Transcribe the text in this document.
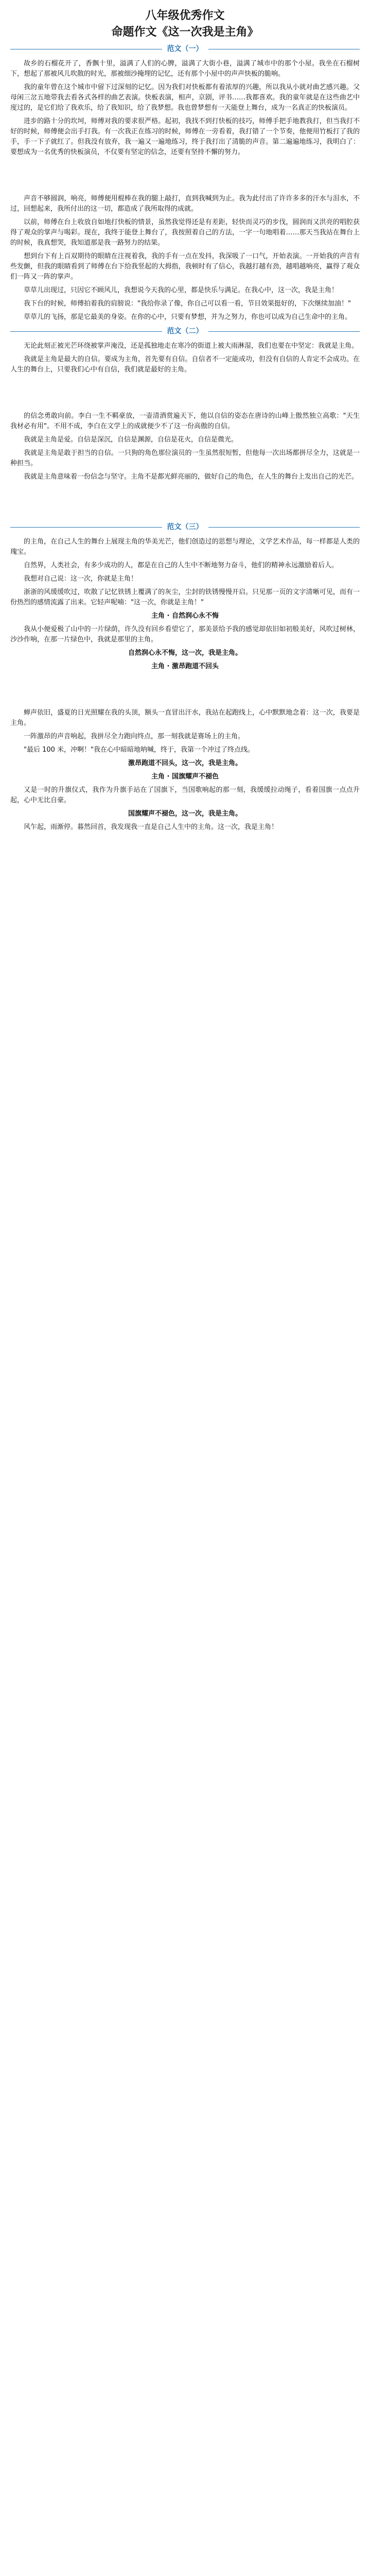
八年级优秀作文
命题作文《这一次我是主角》
范文（一）

故乡的石榴花开了，香飘十里，溢满了人们的心脾，溢满了大街小巷，溢满了城市中的那个小屋。我坐在石榴树下，想起了那被风儿吹散的时光，那被细沙掩埋的记忆，还有那个小屋中的声声快板的脆响。

我的童年曾在这个城市中留下过深刻的记忆。因为我们对快板都有着浓厚的兴趣，所以我从小就对曲艺感兴趣。父母闲三岔五地带我去看各式各样的曲艺表演。快板表演，相声，京剧，评书……我都喜欢。我的童年就是在这些曲艺中度过的，是它们给了我欢乐，给了我知识，给了我梦想。我也曾梦想有一天能登上舞台，成为一名真正的快板演员。

进步的路十分的坎坷，师傅对我的要求很严格。起初，我找不到打快板的技巧，师傅手把手地教我打，但当我打不好的时候，师傅便会出手打我。有一次我正在练习的时候，师傅在一旁看着，我打错了一个节奏，他便用竹板打了我的手，手一下子就红了。但我没有放弃，我一遍又一遍地练习，终于我打出了清脆的声音。第二遍遍地练习，我明白了：要想成为一名优秀的快板演员，不仅要有坚定的信念，还要有坚持不懈的努力。

声音不够圆润，响亮，师傅便用棍棒在我的腿上敲打，直到我喊到为止。我为此付出了许许多多的汗水与泪水，不过，回想起来，我所付出的这一切，都造成了我所取得的成就。

以前，师傅在台上收放自如地打快板的情景，虽然我觉得还是有差距，轻快而灵巧的步伐，圆润而又洪亮的唱腔获得了观众的掌声与喝彩。现在，我终于能登上舞台了，我按照着自己的方法，一字一句地唱着……那天当我站在舞台上的时候，我真想哭，我知道那是我一路努力的结果。

想到台下有上百双期待的眼睛在注视着我，我的手有一点在发抖，我深吸了一口气，开始表演。一开始我的声音有些发颤，但我的眼睛看到了师傅在台下给我竖起的大拇指，我顿时有了信心，我越打越有劲，越唱越响亮，赢得了观众们一阵又一阵的掌声。

草草儿出现过，只因它不顾风儿，我想说今天我的心里，都是快乐与满足。在我心中，这一次，我是主角！

我下台的时候，师傅拍着我的肩膀说："我给你录了像，你自己可以看一看，节目效果挺好的，下次继续加油！"

草草儿的飞扬，那是它最美的身姿。在你的心中，只要有梦想，并为之努力，你也可以成为自己生命中的主角。

范文（二）

无论此刻正被光芒环绕被掌声淹没，还是孤独地走在寒冷的街道上被大雨淋湿，我们也要在中坚定：我就是主角。

我就是主角是最大的自信。要成为主角，首先要有自信。自信者不一定能成功，但没有自信的人肯定不会成功。在人生的舞台上，只要我们心中有自信，我们就是最好的主角。

的信念勇敢向前。李白一生不羁豪放，一壶清酒赏遍天下，他以自信的姿态在唐诗的山峰上傲然独立高歌："天生我材必有用"。不用不成，李白在文学上的成就便少不了这一份高傲的自信。

我就是主角是爱。自信是深沉，自信是渊源，自信是花火，自信是微光。

我就是主角是敢于担当的自信。一只狗的角色那位演员的一生虽然很短暂，但他每一次出场都拼尽全力，这就是一种担当。

我就是主角意味着一份信念与坚守。主角不是都光鲜亮丽的，做好自己的角色，在人生的舞台上发出自己的光芒。

范文（三）

的主角，在自己人生的舞台上展现主角的华美光芒，他们创造过的思想与理论，文学艺术作品，每一样都是人类的瑰宝。

自然界，人类社会，有多少成功的人，都是在自己的人生中不断地努力奋斗，他们的精神永远激励着后人。

我想对自己说：这一次，你就是主角！

浙浙的风缓缓吹过，吹散了记忆铁锈上覆满了的灰尘，尘封的铁锈慢慢开启。只见那一页的文字清晰可见，而有一份热烈的感情流露了出来。它轻声呢喃："这一次，你就是主角！"

主角 · 自然润心永不悔

我从小便爱极了山中的一片绿荫，许久没有回乡看望它了，那美景给予我的感觉却依旧如初般美好，风吹过树林，沙沙作响，在那一片绿色中，我就是那里的主角。

自然润心永不悔，这一次，我是主角。

主角 · 激昂跑道不回头

蝉声依旧，盛夏的日光照耀在我的头顶，额头一直冒出汗水，我站在起跑线上，心中默默地念着：这一次，我要是主角。

一阵激昂的声音响起，我拼尽全力跑向终点，那一刻我就是赛场上的主角。

"最后 100 米，冲啊！"我在心中暗暗地呐喊，终于，我第一个冲过了终点线。

激昂跑道不回头，这一次，我是主角。

主角 · 国旗耀声不褪色

又是一时的升旗仪式，我作为升旗手站在了国旗下，当国歌响起的那一刻，我缓缓拉动绳子，看着国旗一点点升起，心中无比自豪。

国旗耀声不褪色，这一次，我是主角。

风乍起，雨渐停。暮然回首，我发现我一直是自己人生中的主角。这一次，我是主角！
